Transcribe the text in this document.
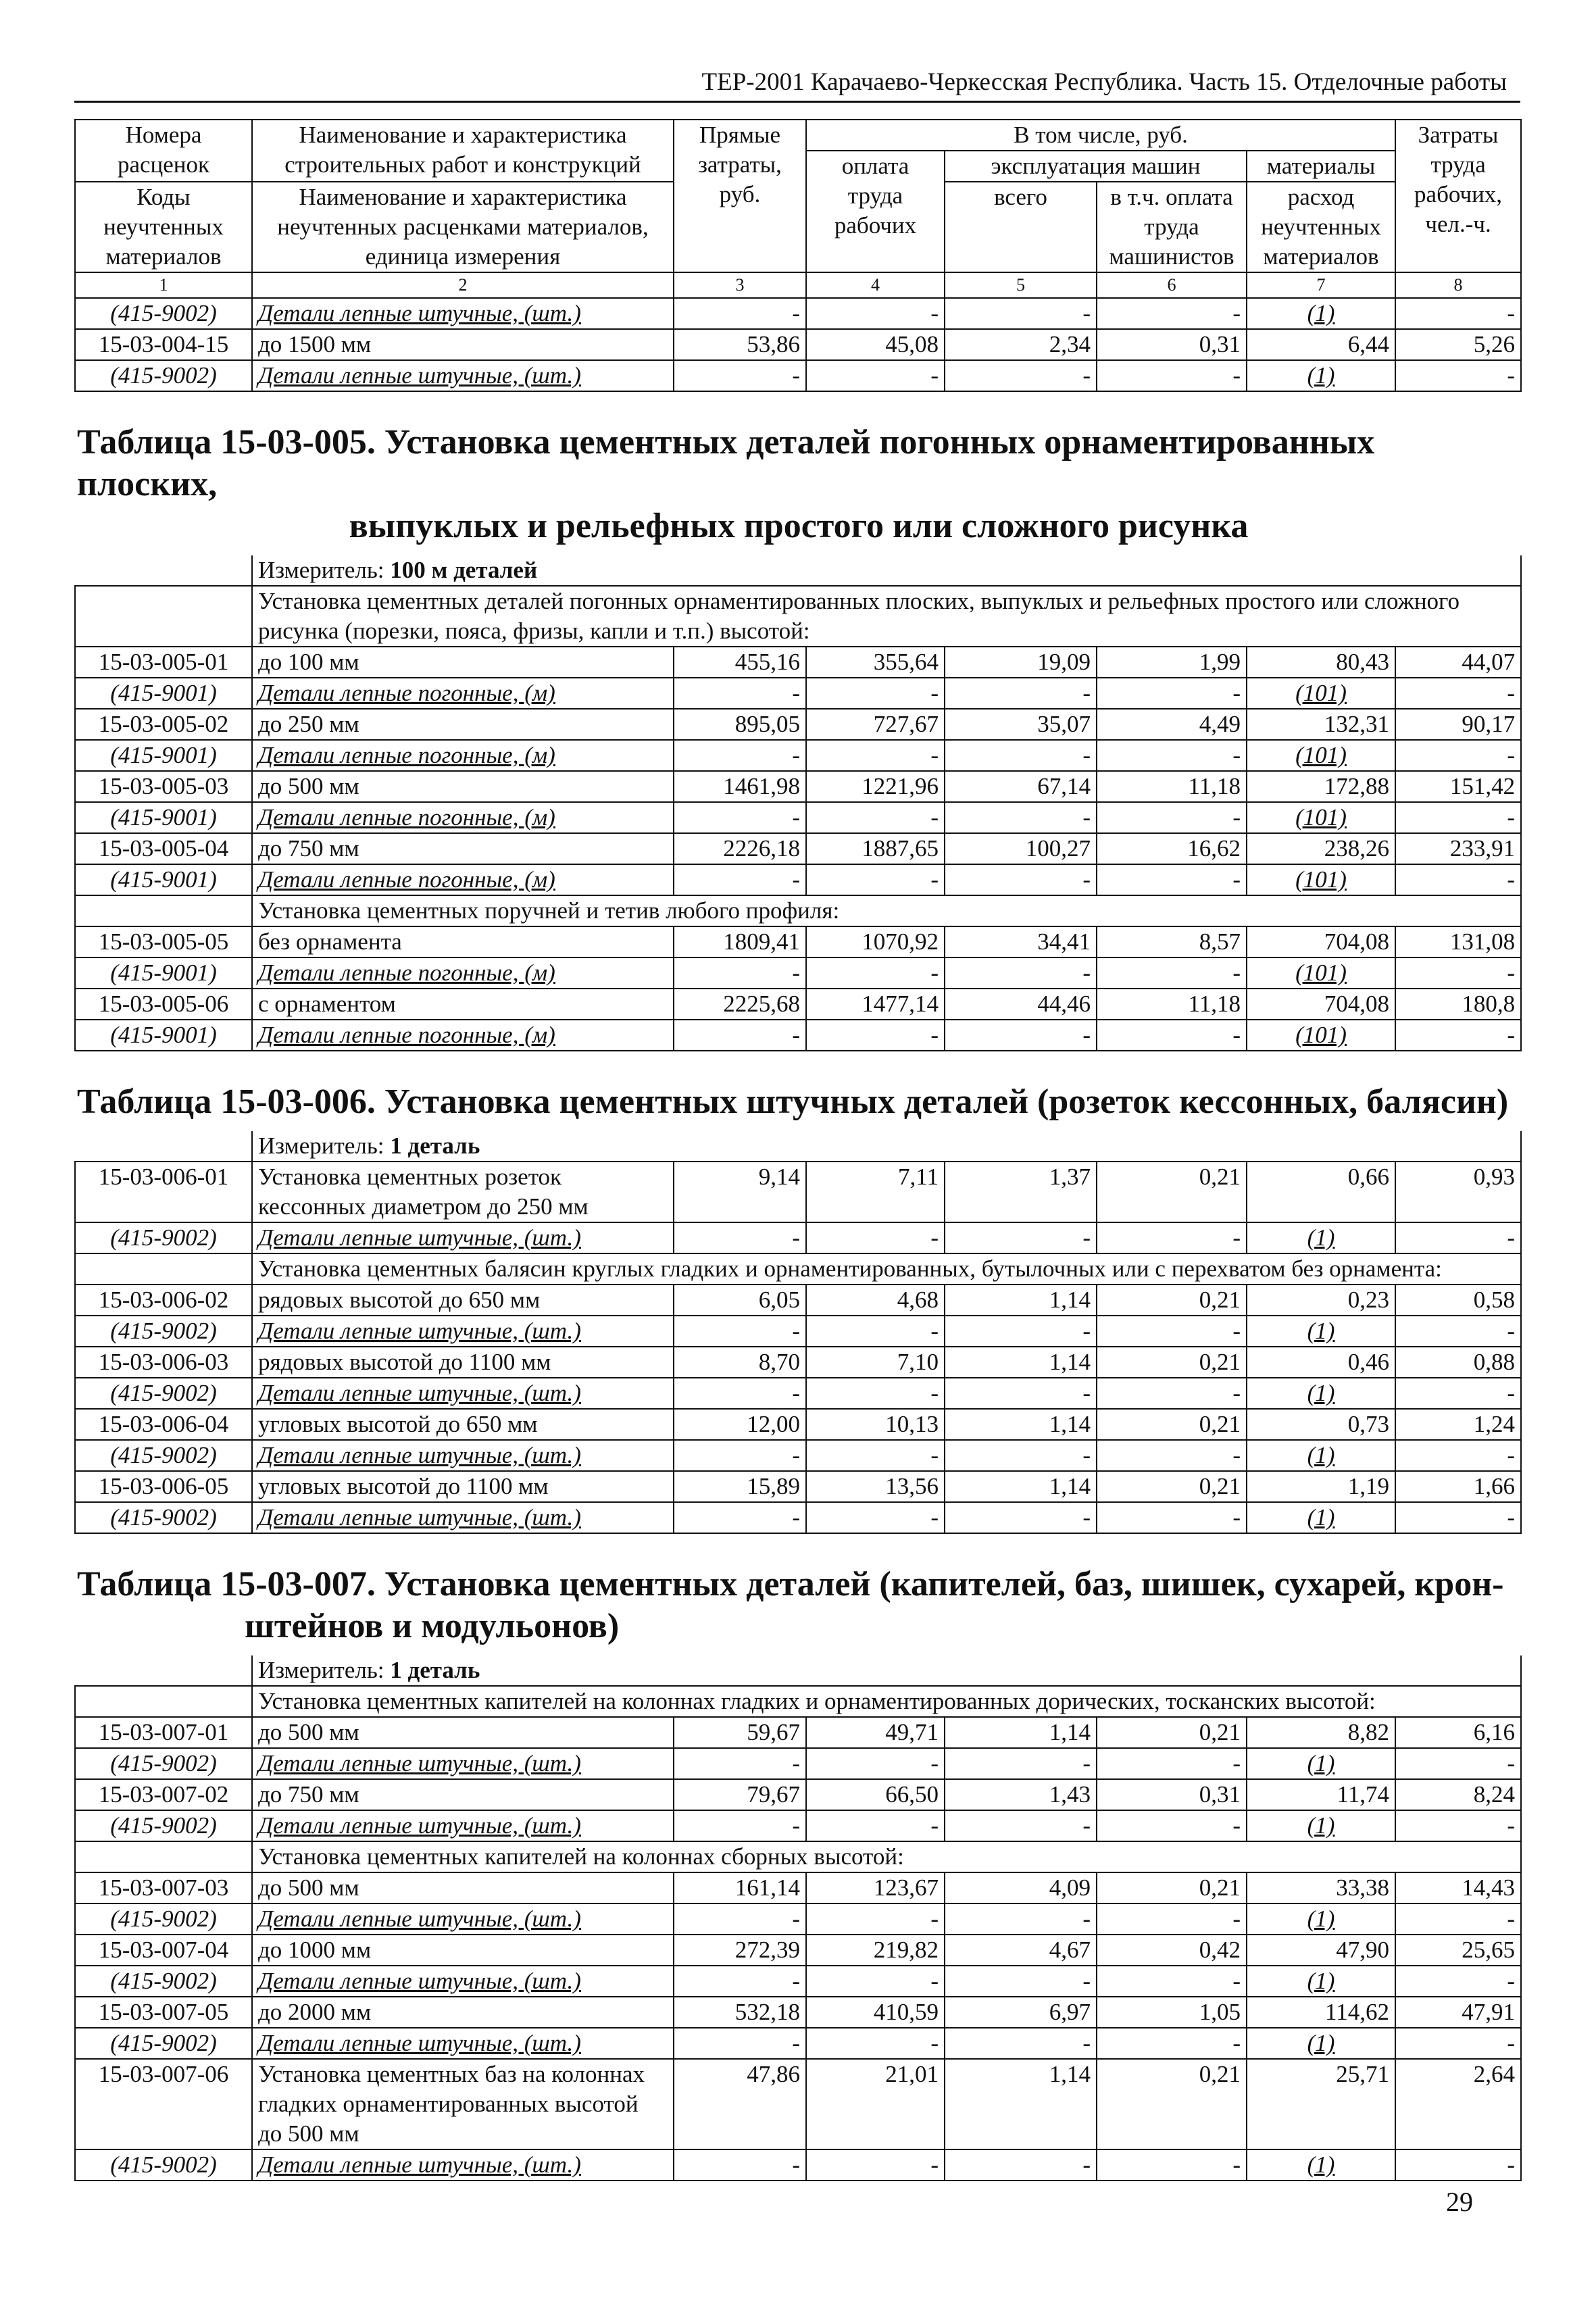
ТЕР-2001 Карачаево-Черкесская Республика. Часть 15. Отделочные работы
Номера расценок	Наименование и характеристика строительных работ и конструкций	Прямые затраты, руб.	В том числе, руб.				Затраты труда рабочих, чел.-ч.
			оплата труда рабочих	эксплуатация машин		материалы	
Коды неучтенных материалов	Наименование и характеристика неучтенных расценками материалов, единица измерения			всего	в т.ч. оплата труда машинистов	расход неучтенных материалов	

1	2	3	4	5	6	7	8
(415-9002)	Детали лепные штучные, (шт.)	-	-	-	-	(1)	-
15-03-004-15	до 1500 мм	53,86	45,08	2,34	0,31	6,44	5,26
(415-9002)	Детали лепные штучные, (шт.)	-	-	-	-	(1)	-
Таблица 15-03-005. Установка цементных деталей погонных орнаментированных плоских,
выпуклых и рельефных простого или сложного рисунка
	Измеритель: 100 м деталей						
	Установка цементных деталей погонных орнаментированных плоских, выпуклых и рельефных простого или сложного рисунка (порезки, пояса, фризы, капли и т.п.) высотой:						
15-03-005-01	до 100 мм	455,16	355,64	19,09	1,99	80,43	44,07
(415-9001)	Детали лепные погонные, (м)	-	-	-	-	(101)	-
15-03-005-02	до 250 мм	895,05	727,67	35,07	4,49	132,31	90,17
(415-9001)	Детали лепные погонные, (м)	-	-	-	-	(101)	-
15-03-005-03	до 500 мм	1461,98	1221,96	67,14	11,18	172,88	151,42
(415-9001)	Детали лепные погонные, (м)	-	-	-	-	(101)	-
15-03-005-04	до 750 мм	2226,18	1887,65	100,27	16,62	238,26	233,91
(415-9001)	Детали лепные погонные, (м)	-	-	-	-	(101)	-
	Установка цементных поручней и тетив любого профиля:						
15-03-005-05	без орнамента	1809,41	1070,92	34,41	8,57	704,08	131,08
(415-9001)	Детали лепные погонные, (м)	-	-	-	-	(101)	-
15-03-005-06	с орнаментом	2225,68	1477,14	44,46	11,18	704,08	180,8
(415-9001)	Детали лепные погонные, (м)	-	-	-	-	(101)	-
Таблица 15-03-006. Установка цементных штучных деталей (розеток кессонных, балясин)
	Измеритель: 1 деталь						
15-03-006-01	Установка цементных розеток кессонных диаметром до 250 мм	9,14	7,11	1,37	0,21	0,66	0,93
(415-9002)	Детали лепные штучные, (шт.)	-	-	-	-	(1)	-
	Установка цементных балясин круглых гладких и орнаментированных, бутылочных или с перехватом без орнамента:						
15-03-006-02	рядовых высотой до 650 мм	6,05	4,68	1,14	0,21	0,23	0,58
(415-9002)	Детали лепные штучные, (шт.)	-	-	-	-	(1)	-
15-03-006-03	рядовых высотой до 1100 мм	8,70	7,10	1,14	0,21	0,46	0,88
(415-9002)	Детали лепные штучные, (шт.)	-	-	-	-	(1)	-
15-03-006-04	угловых высотой до 650 мм	12,00	10,13	1,14	0,21	0,73	1,24
(415-9002)	Детали лепные штучные, (шт.)	-	-	-	-	(1)	-
15-03-006-05	угловых высотой до 1100 мм	15,89	13,56	1,14	0,21	1,19	1,66
(415-9002)	Детали лепные штучные, (шт.)	-	-	-	-	(1)	-
Таблица 15-03-007. Установка цементных деталей (капителей, баз, шишек, сухарей, крон-
штейнов и модульонов)
	Измеритель: 1 деталь						
	Установка цементных капителей на колоннах гладких и орнаментированных дорических, тосканских высотой:						
15-03-007-01	до 500 мм	59,67	49,71	1,14	0,21	8,82	6,16
(415-9002)	Детали лепные штучные, (шт.)	-	-	-	-	(1)	-
15-03-007-02	до 750 мм	79,67	66,50	1,43	0,31	11,74	8,24
(415-9002)	Детали лепные штучные, (шт.)	-	-	-	-	(1)	-
	Установка цементных капителей на колоннах сборных высотой:						
15-03-007-03	до 500 мм	161,14	123,67	4,09	0,21	33,38	14,43
(415-9002)	Детали лепные штучные, (шт.)	-	-	-	-	(1)	-
15-03-007-04	до 1000 мм	272,39	219,82	4,67	0,42	47,90	25,65
(415-9002)	Детали лепные штучные, (шт.)	-	-	-	-	(1)	-
15-03-007-05	до 2000 мм	532,18	410,59	6,97	1,05	114,62	47,91
(415-9002)	Детали лепные штучные, (шт.)	-	-	-	-	(1)	-
15-03-007-06	Установка цементных баз на колоннах гладких орнаментированных высотой до 500 мм	47,86	21,01	1,14	0,21	25,71	2,64
(415-9002)	Детали лепные штучные, (шт.)	-	-	-	-	(1)	-
29
